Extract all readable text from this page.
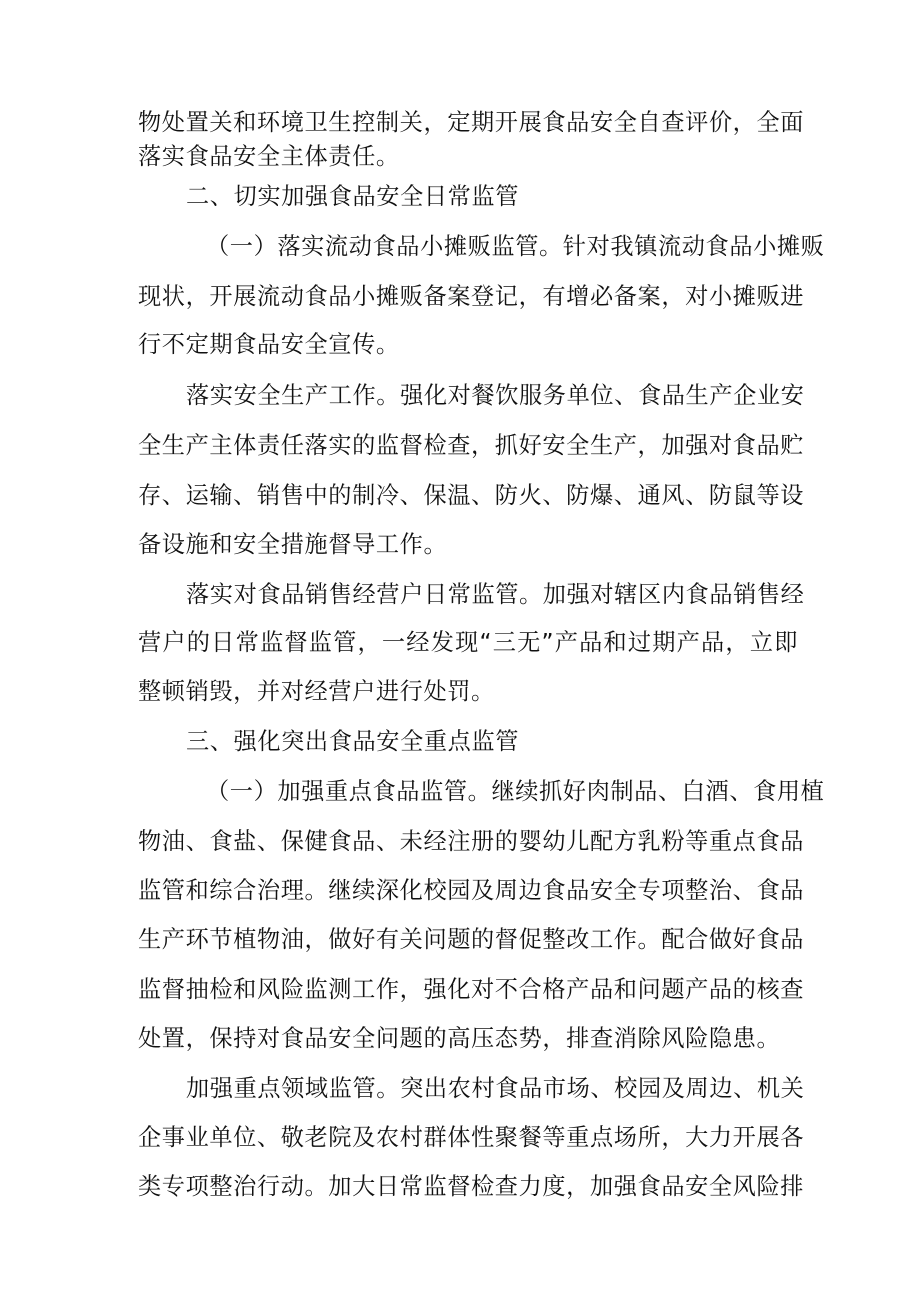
物处置关和环境卫生控制关，定期开展食品安全自查评价，全面
落实食品安全主体责任。
二、切实加强食品安全日常监管
（一）落实流动食品小摊贩监管。针对我镇流动食品小摊贩
现状，开展流动食品小摊贩备案登记，有增必备案，对小摊贩进
行不定期食品安全宣传。
落实安全生产工作。强化对餐饮服务单位、食品生产企业安
全生产主体责任落实的监督检查，抓好安全生产，加强对食品贮
存、运输、销售中的制冷、保温、防火、防爆、通风、防鼠等设
备设施和安全措施督导工作。
落实对食品销售经营户日常监管。加强对辖区内食品销售经
营户的日常监督监管，一经发现“三无”产品和过期产品，立即
整顿销毁，并对经营户进行处罚。
三、强化突出食品安全重点监管
（一）加强重点食品监管。继续抓好肉制品、白酒、食用植
物油、食盐、保健食品、未经注册的婴幼儿配方乳粉等重点食品
监管和综合治理。继续深化校园及周边食品安全专项整治、食品
生产环节植物油，做好有关问题的督促整改工作。配合做好食品
监督抽检和风险监测工作，强化对不合格产品和问题产品的核查
处置，保持对食品安全问题的高压态势，排查消除风险隐患。
加强重点领域监管。突出农村食品市场、校园及周边、机关
企事业单位、敬老院及农村群体性聚餐等重点场所，大力开展各
类专项整治行动。加大日常监督检查力度，加强食品安全风险排
